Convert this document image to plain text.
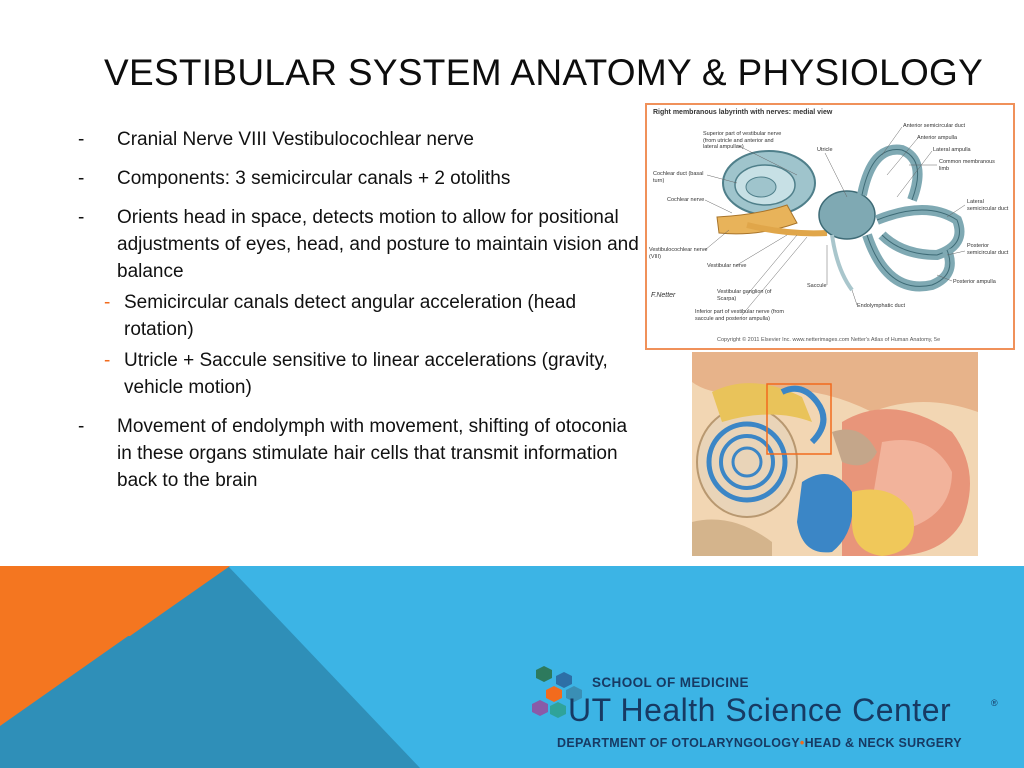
VESTIBULAR SYSTEM ANATOMY & PHYSIOLOGY
- Cranial Nerve VIII Vestibulocochlear nerve
- Components: 3 semicircular canals + 2 otoliths
- Orients head in space, detects motion to allow for positional adjustments of eyes, head, and posture to maintain vision and balance
- Semicircular canals detect angular acceleration (head rotation)
- Utricle + Saccule sensitive to linear accelerations (gravity, vehicle motion)
- Movement of endolymph with movement, shifting of otoconia in these organs stimulate hair cells that transmit information back to the brain
Right membranous labyrinth with nerves: medial view
Superior part of vestibular nerve (from utricle and anterior and lateral ampullae)	Utricle
Anterior semicircular duct
Anterior ampulla
Lateral ampulla
Common membranous limb
Cochlear duct (basal turn)
Cochlear nerve	Lateral semicircular duct
Vestibulocochlear nerve (VIII)
Posterior semicircular duct
Vestibular nerve
Saccule
Posterior ampulla
Vestibular ganglion (of Scarpa)
Endolymphatic duct
Inferior part of vestibular nerve (from saccule and posterior ampulla)
F.Netter
Copyright © 2011 Elsevier Inc. www.netterimages.com Netter's Atlas of Human Anatomy, 5e
SCHOOL OF MEDICINE
UT Health Science Center	®
DEPARTMENT OF OTOLARYNGOLOGY•HEAD & NECK SURGERY
